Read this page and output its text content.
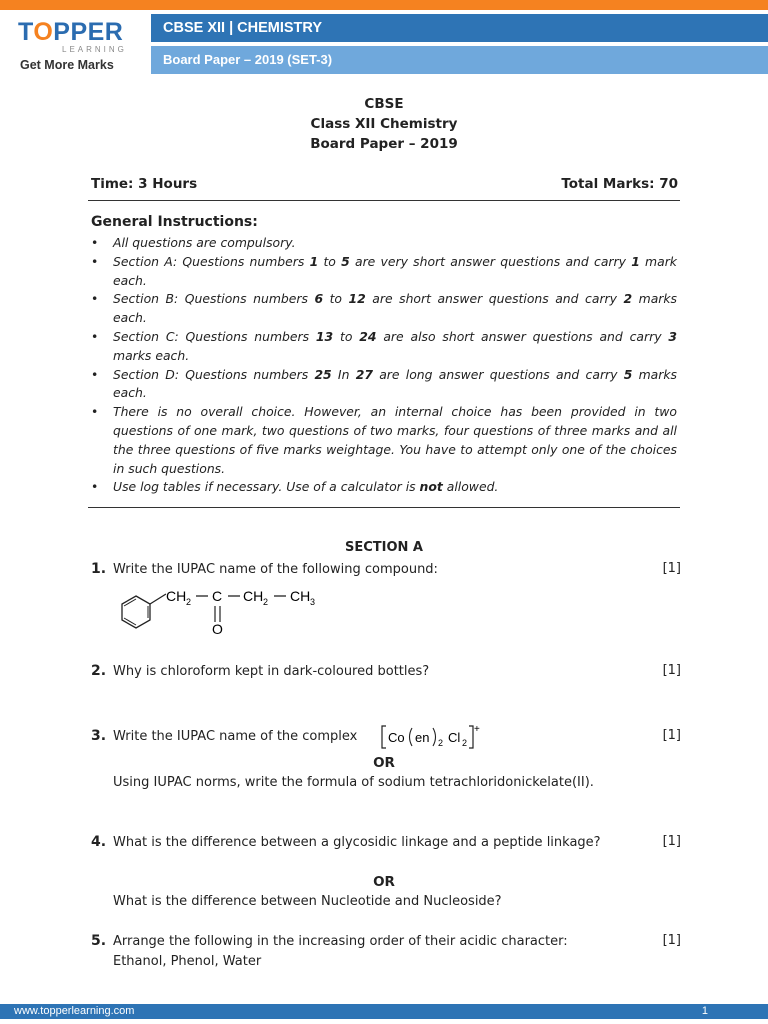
TOPPER
LEARNING
Get More Marks
CBSE XII | CHEMISTRY
Board Paper – 2019 (SET-3)
CBSE
Class XII Chemistry
Board Paper – 2019
Time: 3 Hours	Total Marks: 70
General Instructions:
• All questions are compulsory.
• Section A: Questions numbers 1 to 5 are very short answer questions and carry 1 mark each.
• Section B: Questions numbers 6 to 12 are short answer questions and carry 2 marks each.
• Section C: Questions numbers 13 to 24 are also short answer questions and carry 3 marks each.
• Section D: Questions numbers 25 In 27 are long answer questions and carry 5 marks each.
• There is no overall choice. However, an internal choice has been provided in two questions of one mark, two questions of two marks, four questions of three marks and all the three questions of five marks weightage. You have to attempt only one of the choices in such questions.
• Use log tables if necessary. Use of a calculator is not allowed.
SECTION A
1. Write the IUPAC name of the following compound:	[1]
CH 2 C CH 2 CH 3
O
2. Why is chloroform kept in dark-coloured bottles?	[1]
3. Write the IUPAC name of the complex	[1]
Co en 2 Cl 2
+
OR
Using IUPAC norms, write the formula of sodium tetrachloridonickelate(II).
4. What is the difference between a glycosidic linkage and a peptide linkage?	[1]
OR
What is the difference between Nucleotide and Nucleoside?
5. Arrange the following in the increasing order of their acidic character:	[1]
Ethanol, Phenol, Water
www.topperlearning.com	1
